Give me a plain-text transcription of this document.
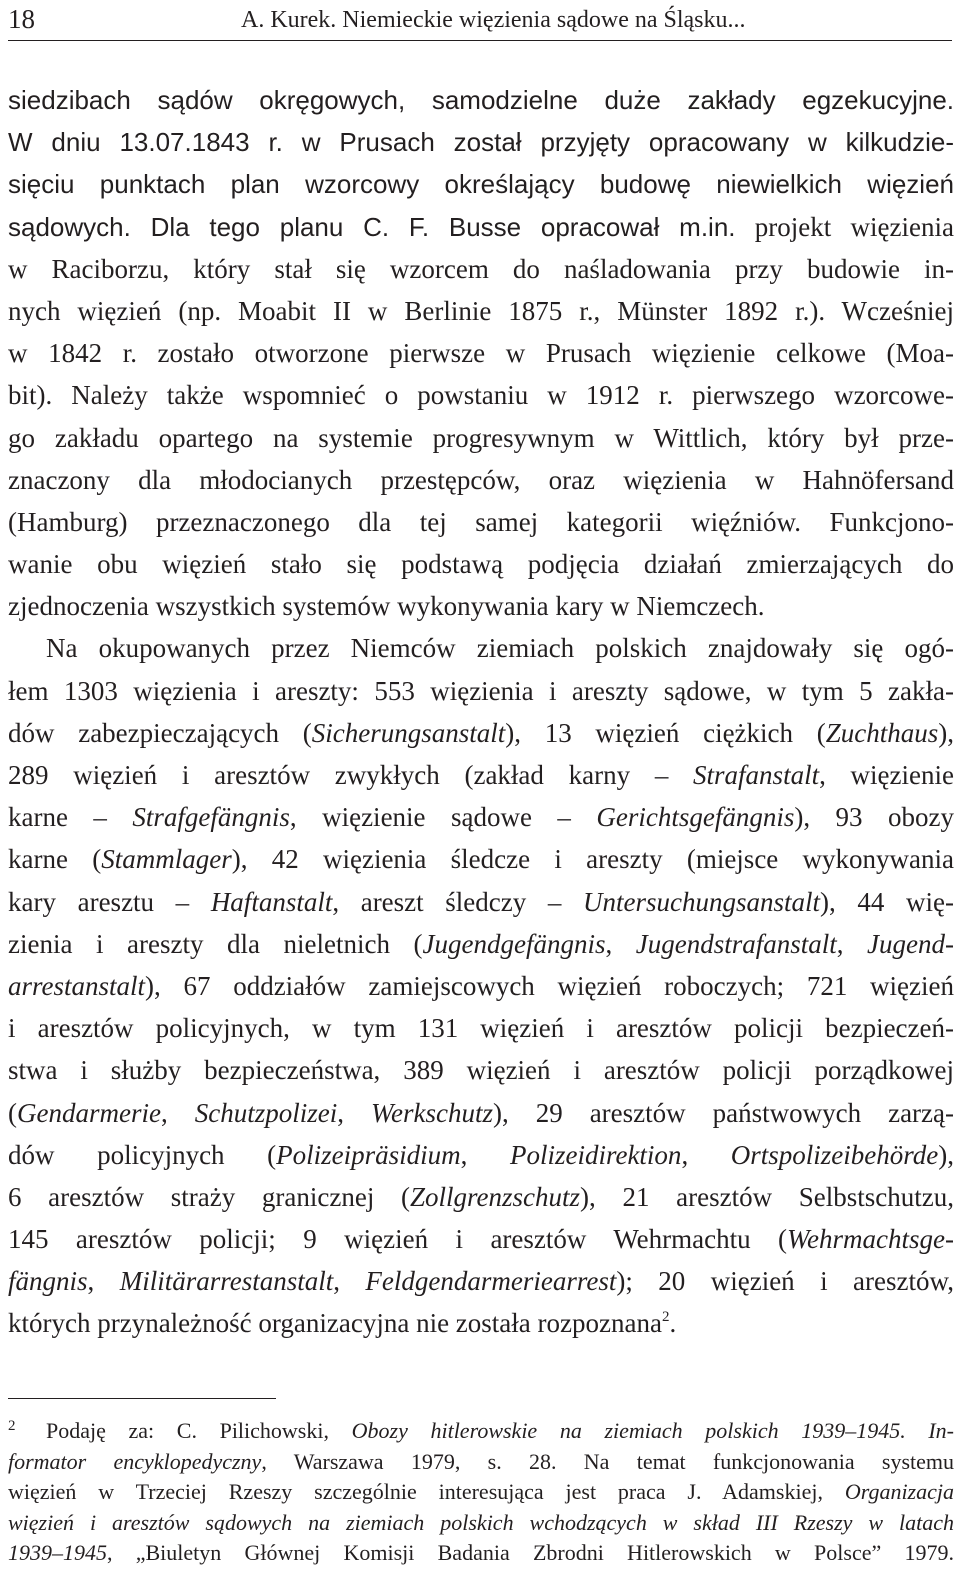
18	A. Kurek. Niemieckie więzienia sądowe na Śląsku...
siedzibach sądów okręgowych, samodzielne duże zakłady egzekucyjne.
W dniu 13.07.1843 r. w Prusach został przyjęty opracowany w kilkudzie-
sięciu punktach plan wzorcowy określający budowę niewielkich więzień
sądowych. Dla tego planu C. F. Busse opracował m.in. projekt więzienia
w Raciborzu, który stał się wzorcem do naśladowania przy budowie in-
nych więzień (np. Moabit II w Berlinie 1875 r., Münster 1892 r.). Wcześniej
w 1842 r. zostało otworzone pierwsze w Prusach więzienie celkowe (Moa-
bit). Należy także wspomnieć o powstaniu w 1912 r. pierwszego wzorcowe-
go zakładu opartego na systemie progresywnym w Wittlich, który był prze-
znaczony dla młodocianych przestępców, oraz więzienia w Hahnöfersand
(Hamburg) przeznaczonego dla tej samej kategorii więźniów. Funkcjono-
wanie obu więzień stało się podstawą podjęcia działań zmierzających do
zjednoczenia wszystkich systemów wykonywania kary w Niemczech.
Na okupowanych przez Niemców ziemiach polskich znajdowały się ogó-
łem 1303 więzienia i areszty: 553 więzienia i areszty sądowe, w tym 5 zakła-
dów zabezpieczających (Sicherungsanstalt), 13 więzień ciężkich (Zuchthaus),
289 więzień i aresztów zwykłych (zakład karny – Strafanstalt, więzienie
karne – Strafgefängnis, więzienie sądowe – Gerichtsgefängnis), 93 obozy
karne (Stammlager), 42 więzienia śledcze i areszty (miejsce wykonywania
kary aresztu – Haftanstalt, areszt śledczy – Untersuchungsanstalt), 44 wię-
zienia i areszty dla nieletnich (Jugendgefängnis, Jugendstrafanstalt, Jugend-
arrestanstalt), 67 oddziałów zamiejscowych więzień roboczych; 721 więzień
i aresztów policyjnych, w tym 131 więzień i aresztów policji bezpieczeń-
stwa i służby bezpieczeństwa, 389 więzień i aresztów policji porządkowej
(Gendarmerie, Schutzpolizei, Werkschutz), 29 aresztów państwowych zarzą-
dów policyjnych (Polizeipräsidium, Polizeidirektion, Ortspolizeibehörde),
6 aresztów straży granicznej (Zollgrenzschutz), 21 aresztów Selbstschutzu,
145 aresztów policji; 9 więzień i aresztów Wehrmachtu (Wehrmachtsge-
fängnis, Militärarrestanstalt, Feldgendarmeriearrest); 20 więzień i aresztów,
których przynależność organizacyjna nie została rozpoznana$^2$.
2 Podaję za: C. Pilichowski, Obozy hitlerowskie na ziemiach polskich 1939–1945. In-
formator encyklopedyczny, Warszawa 1979, s. 28. Na temat funkcjonowania systemu
więzień w Trzeciej Rzeszy szczególnie interesująca jest praca J. Adamskiej, Organizacja
więzień i aresztów sądowych na ziemiach polskich wchodzących w skład III Rzeszy w latach
1939–1945, „Biuletyn Głównej Komisji Badania Zbrodni Hitlerowskich w Polsce” 1979.
